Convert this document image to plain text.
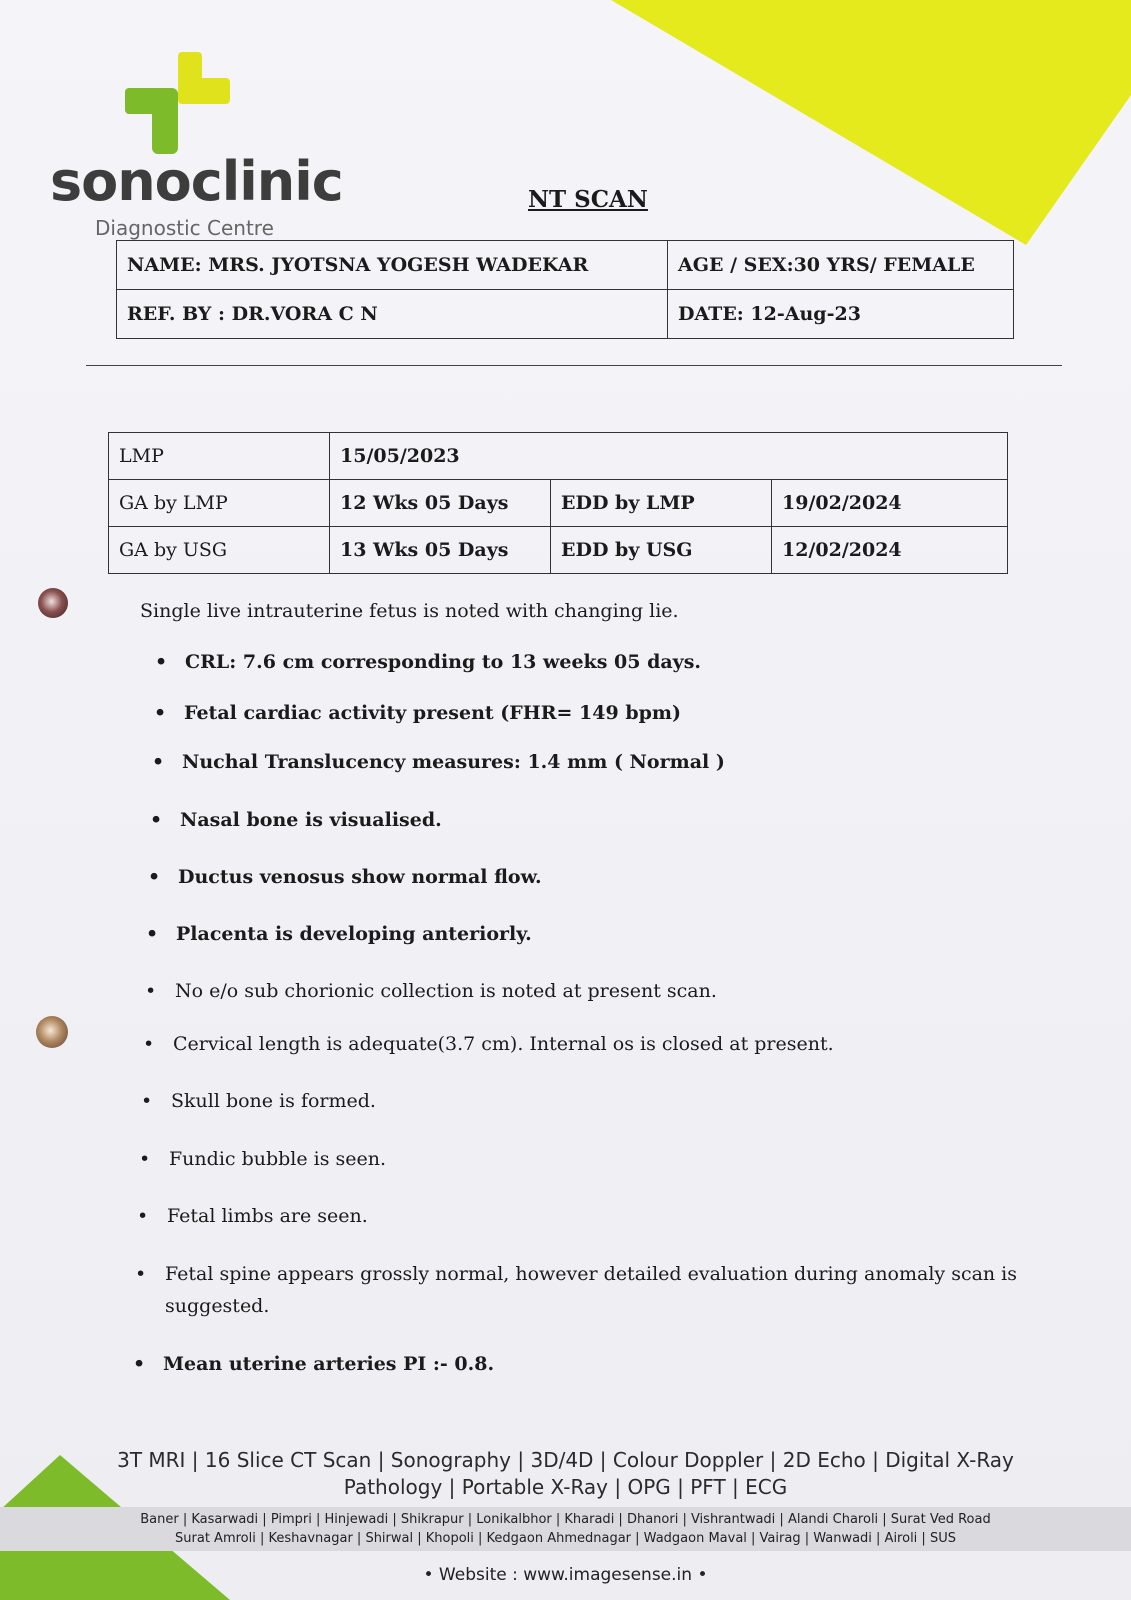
sonoclinic
Diagnostic Centre
NT SCAN
NAME: MRS. JYOTSNA YOGESH WADEKAR	AGE / SEX:30 YRS/ FEMALE
REF. BY : DR.VORA C N	DATE: 12-Aug-23
LMP	15/05/2023		
GA by LMP	12 Wks 05 Days	EDD by LMP	19/02/2024
GA by USG	13 Wks 05 Days	EDD by USG	12/02/2024
Single live intrauterine fetus is noted with changing lie.
• CRL: 7.6 cm corresponding to 13 weeks 05 days.
• Fetal cardiac activity present (FHR= 149 bpm)
• Nuchal Translucency measures: 1.4 mm ( Normal )
• Nasal bone is visualised.
• Ductus venosus show normal flow.
• Placenta is developing anteriorly.
• No e/o sub chorionic collection is noted at present scan.
• Cervical length is adequate(3.7 cm). Internal os is closed at present.
• Skull bone is formed.
• Fundic bubble is seen.
• Fetal limbs are seen.
• Fetal spine appears grossly normal, however detailed evaluation during anomaly scan is
suggested.
• Mean uterine arteries PI :- 0.8.
3T MRI | 16 Slice CT Scan | Sonography | 3D/4D | Colour Doppler | 2D Echo | Digital X-Ray
Pathology | Portable X-Ray | OPG | PFT | ECG
Baner | Kasarwadi | Pimpri | Hinjewadi | Shikrapur | Lonikalbhor | Kharadi | Dhanori | Vishrantwadi | Alandi Charoli | Surat Ved Road
Surat Amroli | Keshavnagar | Shirwal | Khopoli | Kedgaon Ahmednagar | Wadgaon Maval | Vairag | Wanwadi | Airoli | SUS
• Website : www.imagesense.in •
